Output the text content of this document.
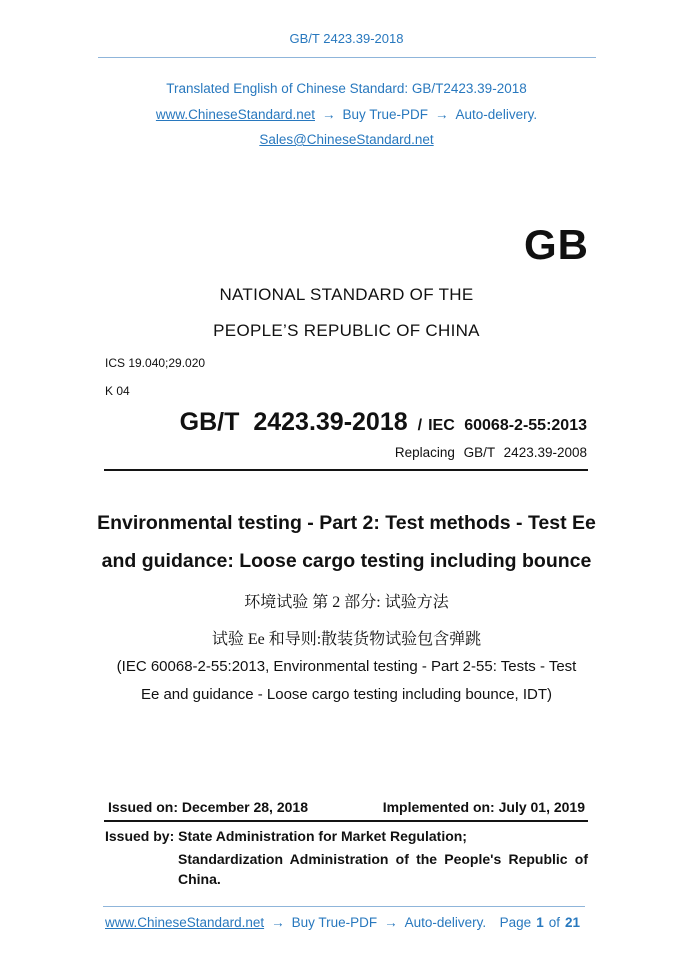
GB/T 2423.39-2018
Translated English of Chinese Standard: GB/T2423.39-2018
www.ChineseStandard.net → Buy True-PDF → Auto-delivery.
Sales@ChineseStandard.net
GB
NATIONAL STANDARD OF THE
PEOPLE’S REPUBLIC OF CHINA
ICS 19.040;29.020
K 04
GB/T 2423.39-2018 / IEC 60068-2-55:2013
Replacing GB/T 2423.39-2008
Environmental testing - Part 2: Test methods - Test Ee
and guidance: Loose cargo testing including bounce
环境试验 第 2 部分: 试验方法
试验 Ee 和导则:散装货物试验包含弹跳
(IEC 60068-2-55:2013, Environmental testing - Part 2-55: Tests - Test
Ee and guidance - Loose cargo testing including bounce, IDT)
Issued on: December 28, 2018	Implemented on: July 01, 2019
Issued by: State Administration for Market Regulation;
Standardization Administration of the People's Republic of
China.
www.ChineseStandard.net → Buy True-PDF → Auto-delivery. Page 1 of 21
